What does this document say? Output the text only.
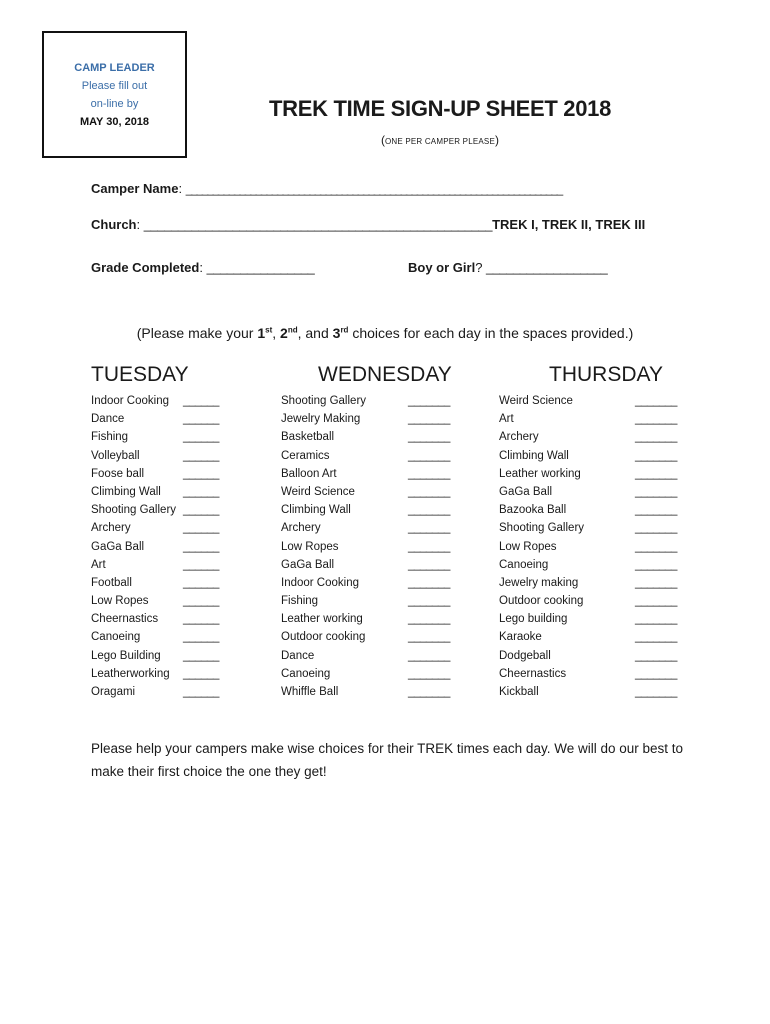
CAMP LEADER
Please fill out
on-line by
MAY 30, 2018
TREK TIME SIGN-UP SHEET 2018
(ONE PER CAMPER PLEASE)
Camper Name: ______________________________________________________________________
Church: ___________________________________________________TREK I, TREK II, TREK III
Grade Completed: ________________	Boy or Girl? __________________
(Please make your 1st, 2nd, and 3rd choices for each day in the spaces provided.)
TUESDAY
Indoor Cooking ______
Dance	______
Fishing	______
Volleyball	______
Foose ball	______
Climbing Wall ______
Shooting Gallery ______
Archery	______
GaGa Ball	______
Art	______
Football	______
Low Ropes	______
Cheernastics ______
Canoeing	______
Lego Building ______
Leatherworking ______
Oragami	______
WEDNESDAY
Shooting Gallery	_______
Jewelry Making	_______
Basketball	_______
Ceramics	_______
Balloon Art	_______
Weird Science	_______
Climbing Wall	_______
Archery	_______
Low Ropes	_______
GaGa Ball	_______
Indoor Cooking	_______
Fishing	_______
Leather working	_______
Outdoor cooking	_______
Dance	_______
Canoeing	_______
Whiffle Ball	_______
THURSDAY
Weird Science	_______
Art	_______
Archery	_______
Climbing Wall	_______
Leather working	_______
GaGa Ball	_______
Bazooka Ball	_______
Shooting Gallery	_______
Low Ropes	_______
Canoeing	_______
Jewelry making	_______
Outdoor cooking	_______
Lego building	_______
Karaoke	_______
Dodgeball	_______
Cheernastics	_______
Kickball	_______
Please help your campers make wise choices for their TREK times each day. We will do our best to make their first choice the one they get!
